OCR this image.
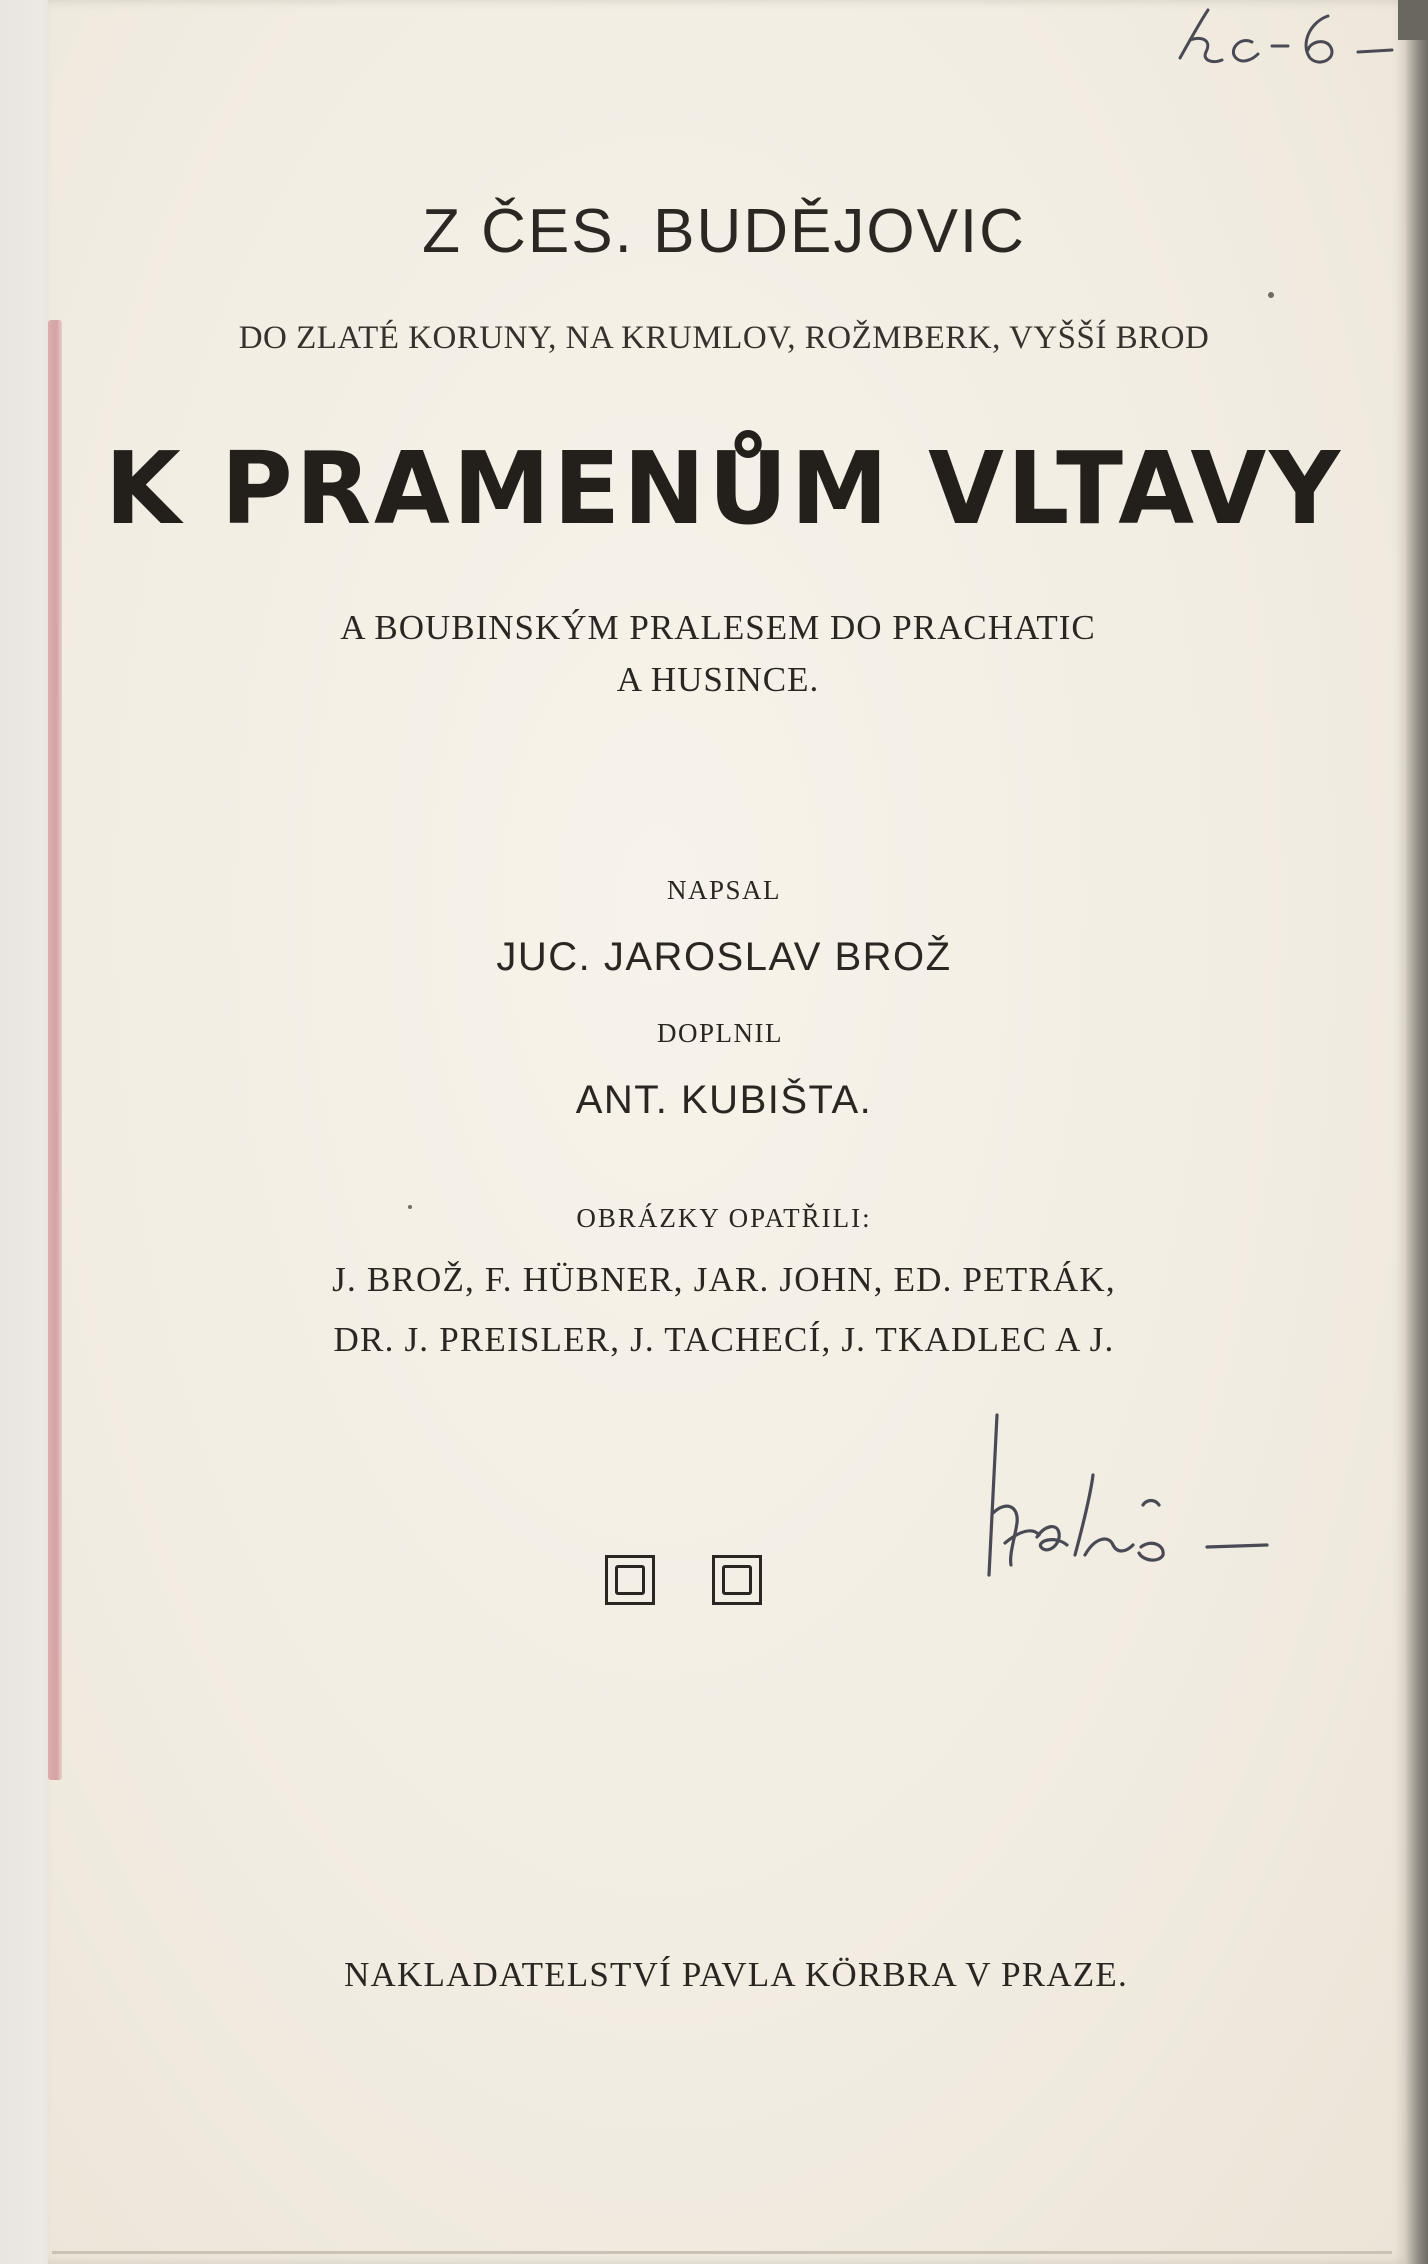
Z ČES. BUDĚJOVIC
DO ZLATÉ KORUNY, NA KRUMLOV, ROŽMBERK, VYŠŠÍ BROD
K PRAMENŮM VLTAVY
A BOUBINSKÝM PRALESEM DO PRACHATIC
A HUSINCE.
NAPSAL
JUC. JAROSLAV BROŽ
DOPLNIL
ANT. KUBIŠTA.
OBRÁZKY OPATŘILI:
J. BROŽ, F. HÜBNER, JAR. JOHN, ED. PETRÁK,
DR. J. PREISLER, J. TACHECÍ, J. TKADLEC A J.
NAKLADATELSTVÍ PAVLA KÖRBRA V PRAZE.
